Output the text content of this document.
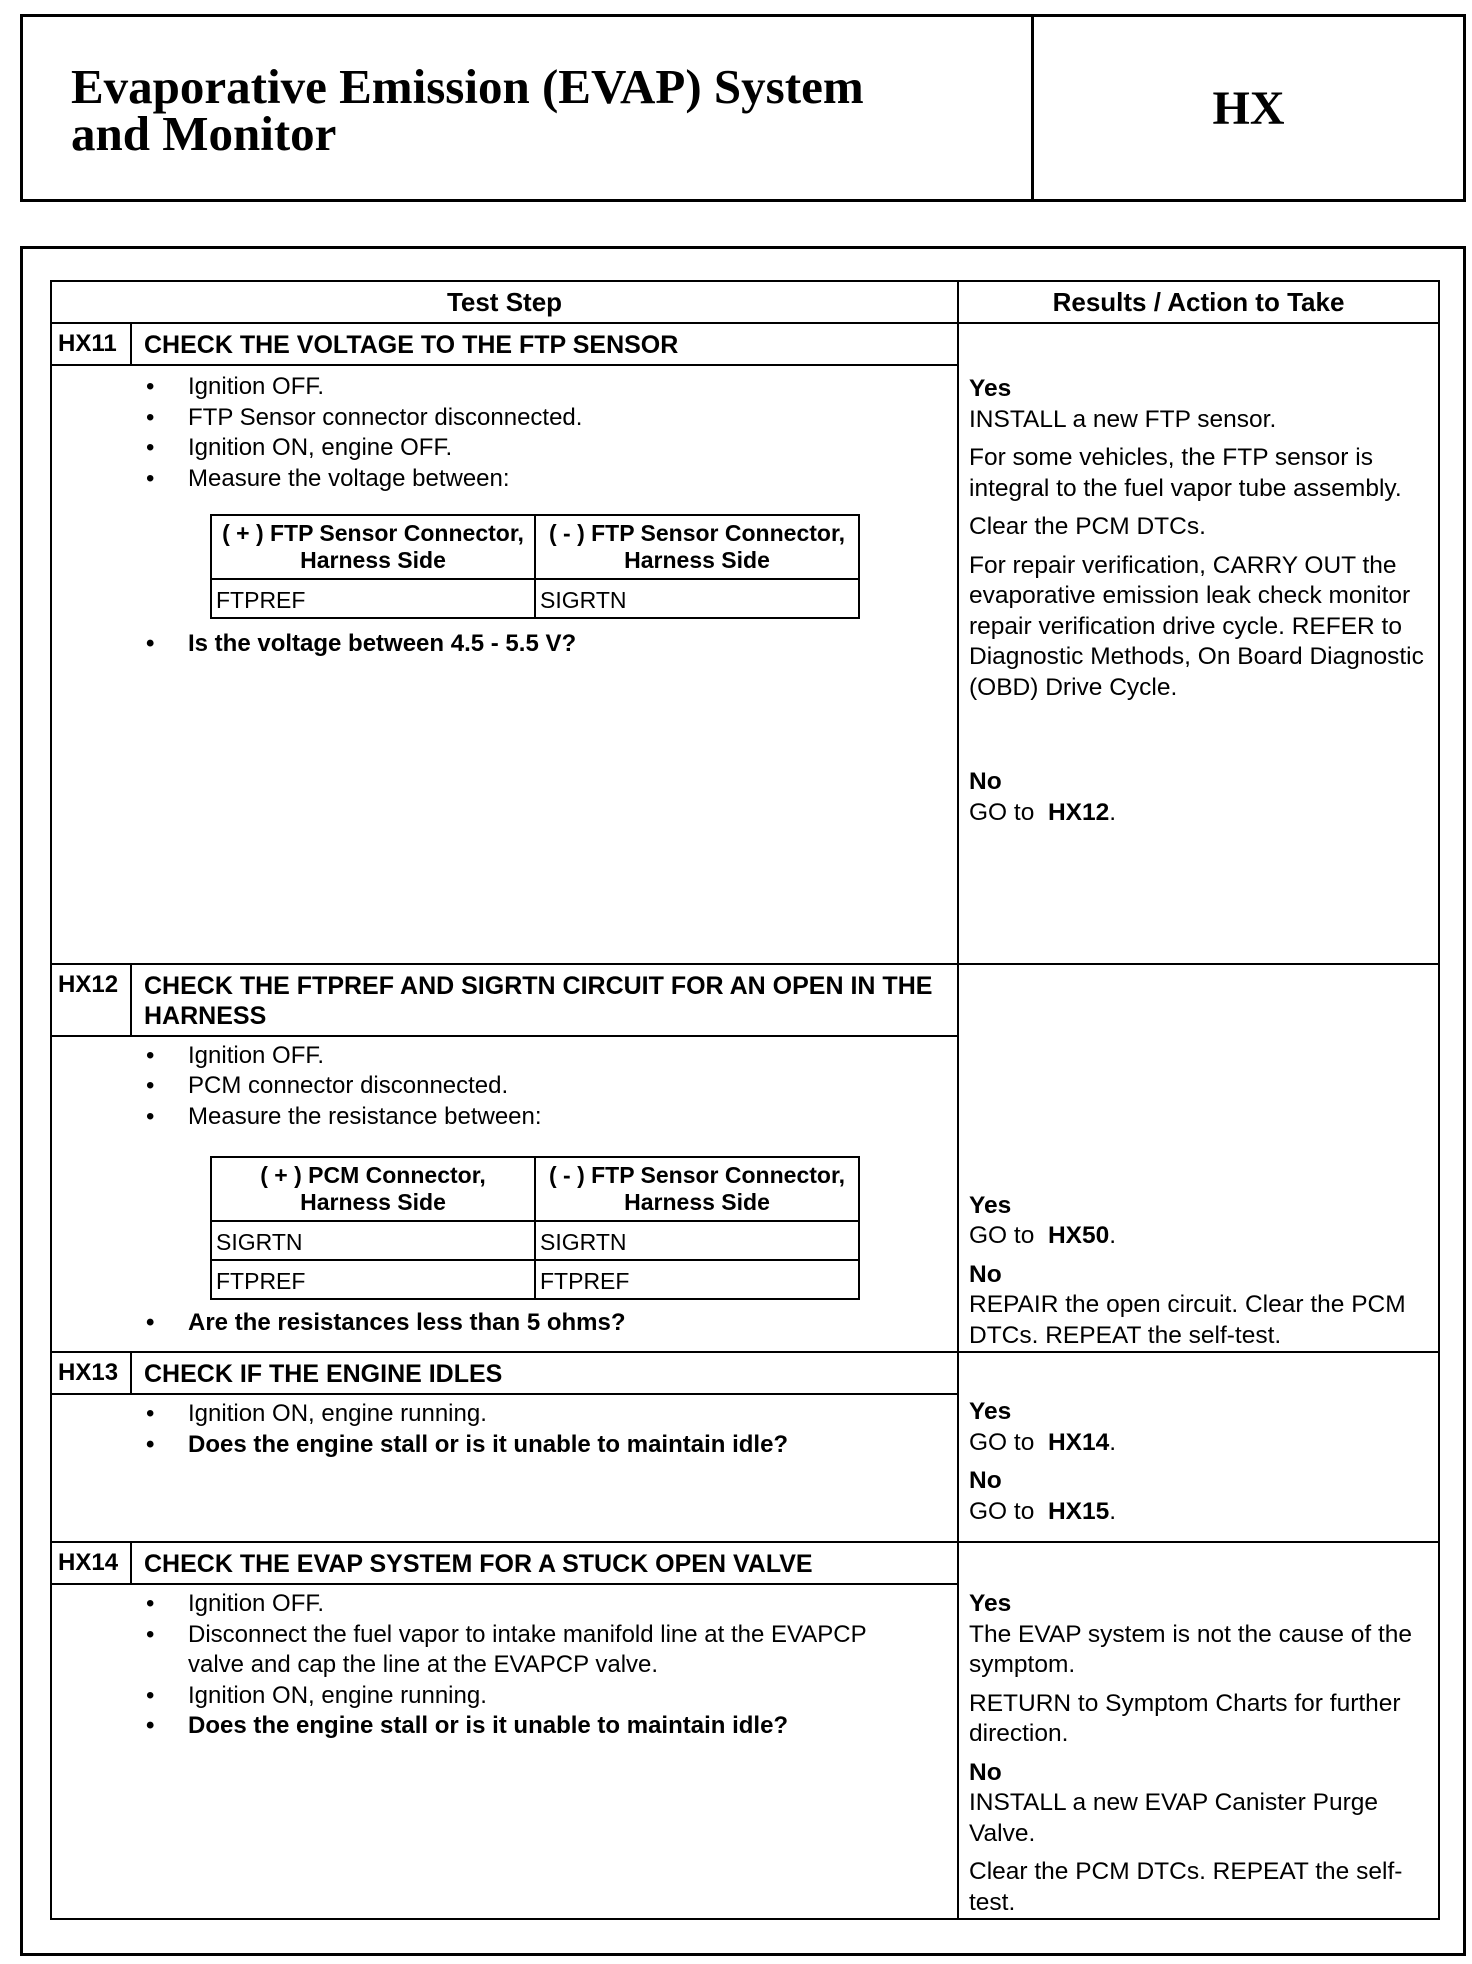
Evaporative Emission (EVAP) System
and Monitor	HX
Test Step	Results / Action to Take

HX11	CHECK THE VOLTAGE TO THE FTP SENSOR
• Ignition OFF.
• FTP Sensor connector disconnected.
• Ignition ON, engine OFF.
• Measure the voltage between:
( + ) FTP Sensor Connector, Harness Side	( - ) FTP Sensor Connector, Harness Side
FTPREF	SIGRTN
• Is the voltage between 4.5 - 5.5 V?

Yes

INSTALL a new FTP sensor.

For some vehicles, the FTP sensor is integral to the fuel vapor tube assembly.

Clear the PCM DTCs.

For repair verification, CARRY OUT the evaporative emission leak check monitor repair verification drive cycle. REFER to Diagnostic Methods, On Board Diagnostic (OBD) Drive Cycle.

No

GO to HX12.

HX12	CHECK THE FTPREF AND SIGRTN CIRCUIT FOR AN OPEN IN THE HARNESS
• Ignition OFF.
• PCM connector disconnected.
• Measure the resistance between:
( + ) PCM Connector, Harness Side	( - ) FTP Sensor Connector, Harness Side
SIGRTN	SIGRTN
FTPREF	FTPREF
• Are the resistances less than 5 ohms?

Yes

GO to HX50.

No

REPAIR the open circuit. Clear the PCM DTCs. REPEAT the self-test.

HX13	CHECK IF THE ENGINE IDLES
• Ignition ON, engine running.
• Does the engine stall or is it unable to maintain idle?

Yes

GO to HX14.

No

GO to HX15.

HX14	CHECK THE EVAP SYSTEM FOR A STUCK OPEN VALVE
• Ignition OFF.
• Disconnect the fuel vapor to intake manifold line at the EVAPCP valve and cap the line at the EVAPCP valve.
• Ignition ON, engine running.
• Does the engine stall or is it unable to maintain idle?

Yes

The EVAP system is not the cause of the symptom.

RETURN to Symptom Charts for further direction.

No

INSTALL a new EVAP Canister Purge Valve.

Clear the PCM DTCs. REPEAT the self-test.
